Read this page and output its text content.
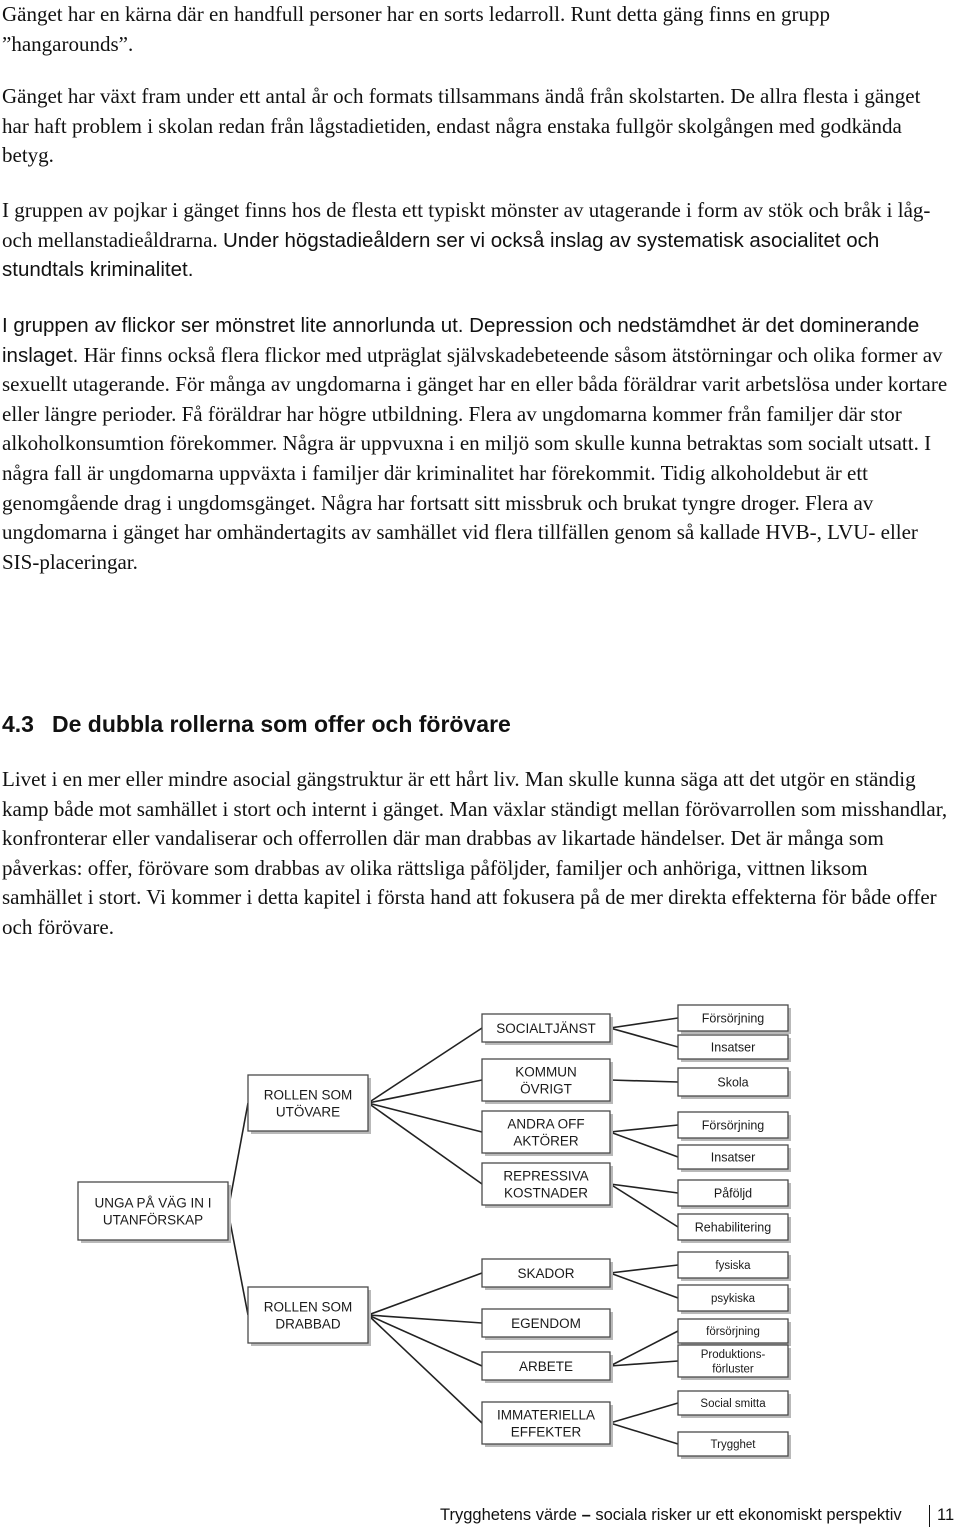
Gänget har en kärna där en handfull personer har en sorts ledarroll. Runt detta gäng finns en grupp ”hangarounds”.

Gänget har växt fram under ett antal år och formats tillsammans ändå från skolstarten. De allra flesta i gänget har haft problem i skolan redan från lågstadietiden, endast några enstaka fullgör skolgången med godkända betyg.

I gruppen av pojkar i gänget finns hos de flesta ett typiskt mönster av utagerande i form av stök och bråk i låg- och mellanstadieåldrarna. Under högstadieåldern ser vi också inslag av systematisk asocialitet och stundtals kriminalitet.

I gruppen av flickor ser mönstret lite annorlunda ut. Depression och nedstämdhet är det dominerande inslaget. Här finns också flera flickor med utpräglat självskadebeteende såsom ätstörningar och olika former av sexuellt utagerande. För många av ungdomarna i gänget har en eller båda föräldrar varit arbetslösa under kortare eller längre perioder. Få föräldrar har högre utbildning. Flera av ungdomarna kommer från familjer där stor alkoholkonsumtion förekommer. Några är uppvuxna i en miljö som skulle kunna betraktas som socialt utsatt. I några fall är ungdomarna uppväxta i familjer där kriminalitet har förekommit. Tidig alkoholdebut är ett genomgående drag i ungdomsgänget. Några har fortsatt sitt missbruk och brukat tyngre droger. Flera av ungdomarna i gänget har omhändertagits av samhället vid flera tillfällen genom så kallade HVB-, LVU- eller SIS-placeringar.

4.3 De dubbla rollerna som offer och förövare

Livet i en mer eller mindre asocial gängstruktur är ett hårt liv. Man skulle kunna säga att det utgör en ständig kamp både mot samhället i stort och internt i gänget. Man växlar ständigt mellan förövarrollen som misshandlar, konfronterar eller vandaliserar och offerrollen där man drabbas av likartade händelser. Det är många som påverkas: offer, förövare som drabbas av olika rättsliga påföljder, familjer och anhöriga, vittnen liksom samhället i stort. Vi kommer i detta kapitel i första hand att fokusera på de mer direkta effekterna för både offer och förövare.

UNGA PÅ VÄG IN I
UTANFÖRSKAP
ROLLEN SOM
UTÖVARE
ROLLEN SOM
DRABBAD
SOCIALTJÄNST
KOMMUN
ÖVRIGT
ANDRA OFF
AKTÖRER
REPRESSIVA
KOSTNADER
SKADOR
EGENDOM
ARBETE
IMMATERIELLA
EFFEKTER
Försörjning
Insatser
Skola
Försörjning
Insatser
Påföljd
Rehabilitering
fysiska
psykiska
försörjning
Produktions-
förluster
Social smitta
Trygghet
Trygghetens värde – sociala risker ur ett ekonomiskt perspektiv 11
